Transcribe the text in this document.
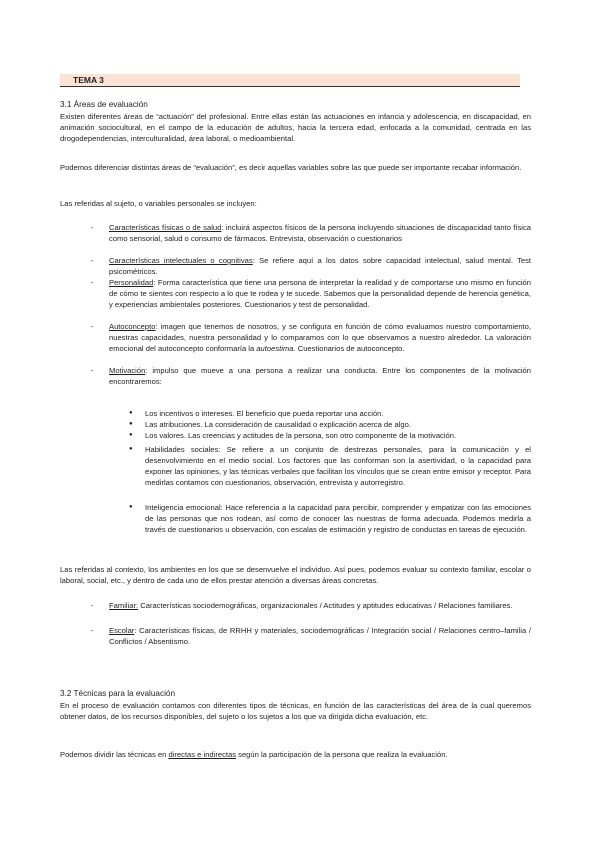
TEMA 3

3.1 Áreas de evaluación

Existen diferentes áreas de “actuación” del profesional. Entre ellas están las actuaciones en infancia y adolescencia, en discapacidad, en animación sociocultural, en el campo de la educación de adultos, hacia la tercera edad, enfocada a la comunidad, centrada en las drogodependencias, interculturalidad, área laboral, o medioambiental.

Podemos diferenciar distintas áreas de “evaluación”, es decir aquellas variables sobre las que puede ser importante recabar información.

Las referidas al sujeto, o variables personales se incluyen:

- Características físicas o de salud: incluirá aspectos físicos de la persona incluyendo situaciones de discapacidad tanto física como sensorial, salud o consumo de fármacos. Entrevista, observación o cuestionarios
- Características intelectuales o cognitivas: Se refiere aquí a los datos sobre capacidad intelectual, salud mental. Test psicométricos.
- Personalidad: Forma característica que tiene una persona de interpretar la realidad y de comportarse uno mismo en función de cómo te sientes con respecto a lo que te rodea y te sucede. Sabemos que la personalidad depende de herencia genética, y experiencias ambientales posteriores. Cuestionarios y test de personalidad.
- Autoconcepto: imagen que tenemos de nosotros, y se configura en función de cómo evaluamos nuestro comportamiento, nuestras capacidades, nuestra personalidad y lo comparamos con lo que observamos a nuestro alrededor. La valoración emocional del autoconcepto conformaría la autoestima. Cuestionarios de autoconcepto.
- Motivación: impulso que mueve a una persona a realizar una conducta. Entre los componentes de la motivación encontraremos:
● Los incentivos o intereses. El beneficio que pueda reportar una acción.
● Las atribuciones. La consideración de causalidad o explicación acerca de algo.
● Los valores. Las creencias y actitudes de la persona, son otro componente de la motivación.
● Habilidades sociales: Se refiere a un conjunto de destrezas personales, para la comunicación y el desenvolvimiento en el medio social. Los factores que las conforman son la asertividad, o la capacidad para exponer las opiniones, y las técnicas verbales que facilitan los vínculos que se crean entre emisor y receptor. Para medirlas contamos con cuestionarios, observación, entrevista y autorregistro.
● Inteligencia emocional: Hace referencia a la capacidad para percibir, comprender y empatizar con las emociones de las personas que nos rodean, así como de conocer las nuestras de forma adecuada. Podemos medirla a través de cuestionarios u observación, con escalas de estimación y registro de conductas en tareas de ejecución.

Las referidas al contexto, los ambientes en los que se desenvuelve el individuo. Así pues, podemos evaluar su contexto familiar, escolar o laboral, social, etc., y dentro de cada uno de ellos prestar atención a diversas áreas concretas.

- Familiar: Características sociodemográficas, organizacionales / Actitudes y aptitudes educativas / Relaciones familiares.
- Escolar: Características físicas, de RRHH y materiales, sociodemográficas / Integración social / Relaciones centro–familia / Conflictos / Absentismo.

3.2 Técnicas para la evaluación

En el proceso de evaluación contamos con diferentes tipos de técnicas, en función de las características del área de la cual queremos obtener datos, de los recursos disponibles, del sujeto o los sujetos a los que va dirigida dicha evaluación, etc.

Podemos dividir las técnicas en directas e indirectas según la participación de la persona que realiza la evaluación.
